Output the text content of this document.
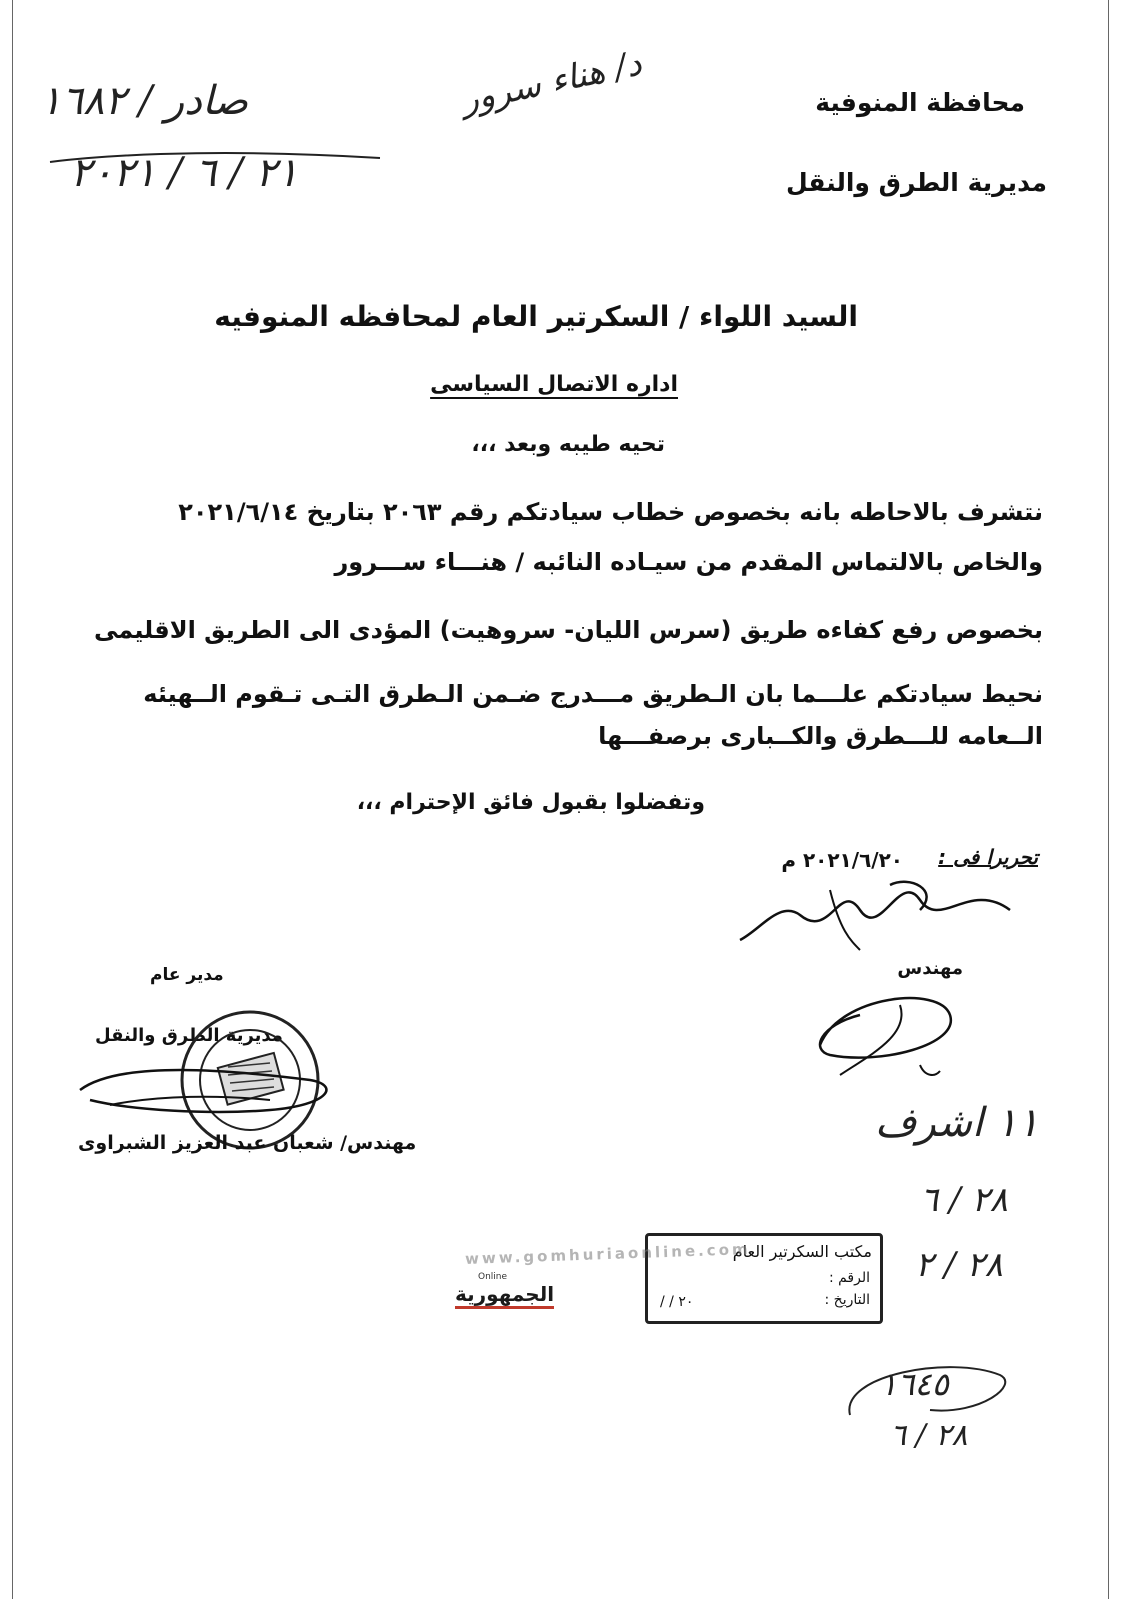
محافظة المنوفية
مديرية الطرق والنقل
صادر / ١٦٨٢
٢١ / ٦ / ٢٠٢١
د/ هناء سرور
السيد اللواء / السكرتير العام لمحافظه المنوفيه
اداره الاتصال السياسى
تحيه طيبه وبعد ،،،
نتشرف بالاحاطه بانه بخصوص خطاب سيادتكم رقم ٢٠٦٣ بتاريخ ٢٠٢١/٦/١٤
والخاص بالالتماس المقدم من سيـاده النائبه / هنـــاء ســـرور
بخصوص رفع كفاءه طريق (سرس الليان- سروهيت) المؤدى الى الطريق الاقليمى
نحيط سيادتكم علـــما بان الـطريق مـــدرج ضـمن الـطرق التـى تـقوم الــهيئه
الــعامه للـــطرق والكــبارى برصفـــها
وتفضلوا بقبول فائق الإحترام ،،،
تحريرا فى :
٢٠٢١/٦/٢٠ م
مهندس
مدير عام
مديرية الطرق والنقل
مهندس/ شعبان عبد العزيز الشبراوى	١١ اشرف
٢٨ / ٦
٢٨ / ٢
١٦٤٥
٢٨ / ٦
مكتب السكرتير العام
الرقم :
التاريخ :
٢٠ / /
www.gomhuriaonline.com
Online
الجمهورية
